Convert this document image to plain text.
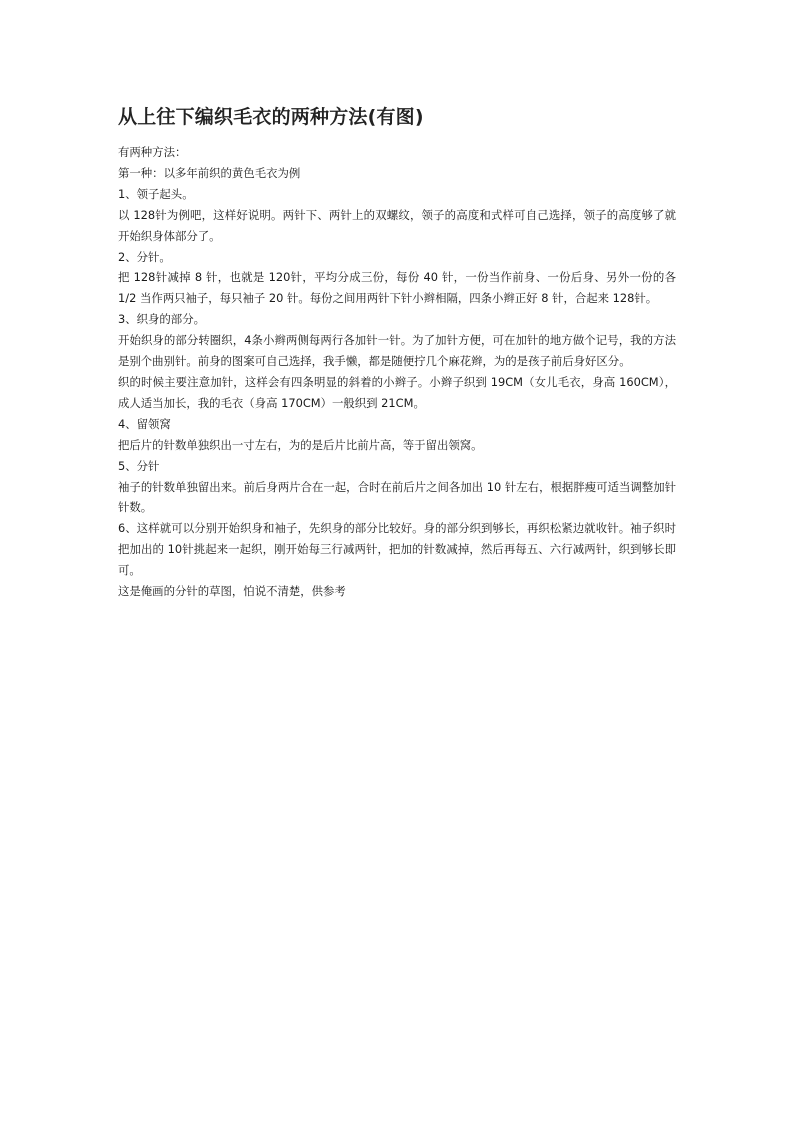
从上往下编织毛衣的两种方法(有图)

有两种方法：

第一种：以多年前织的黄色毛衣为例

1、领子起头。

以 128针为例吧，这样好说明。两针下、两针上的双螺纹，领子的高度和式样可自己选择，领子的高度够了就开始织身体部分了。

2、分针。

把 128针减掉 8 针，也就是 120针，平均分成三份，每份 40 针，一份当作前身、一份后身、另外一份的各 1/2 当作两只袖子，每只袖子 20 针。每份之间用两针下针小辫相隔，四条小辫正好 8 针，合起来 128针。

3、织身的部分。

开始织身的部分转圈织，4条小辫两侧每两行各加针一针。为了加针方便，可在加针的地方做个记号，我的方法是别个曲别针。前身的图案可自己选择，我手懒，都是随便拧几个麻花辫，为的是孩子前后身好区分。

织的时候主要注意加针，这样会有四条明显的斜着的小辫子。小辫子织到 19CM（女儿毛衣，身高 160CM），成人适当加长，我的毛衣（身高 170CM）一般织到 21CM。

4、留领窝

把后片的针数单独织出一寸左右，为的是后片比前片高，等于留出领窝。

5、分针

袖子的针数单独留出来。前后身两片合在一起，合时在前后片之间各加出 10 针左右，根据胖瘦可适当调整加针针数。

6、这样就可以分别开始织身和袖子，先织身的部分比较好。身的部分织到够长，再织松紧边就收针。袖子织时把加出的 10针挑起来一起织，刚开始每三行减两针，把加的针数减掉，然后再每五、六行减两针，织到够长即可。

这是俺画的分针的草图，怕说不清楚，供参考
